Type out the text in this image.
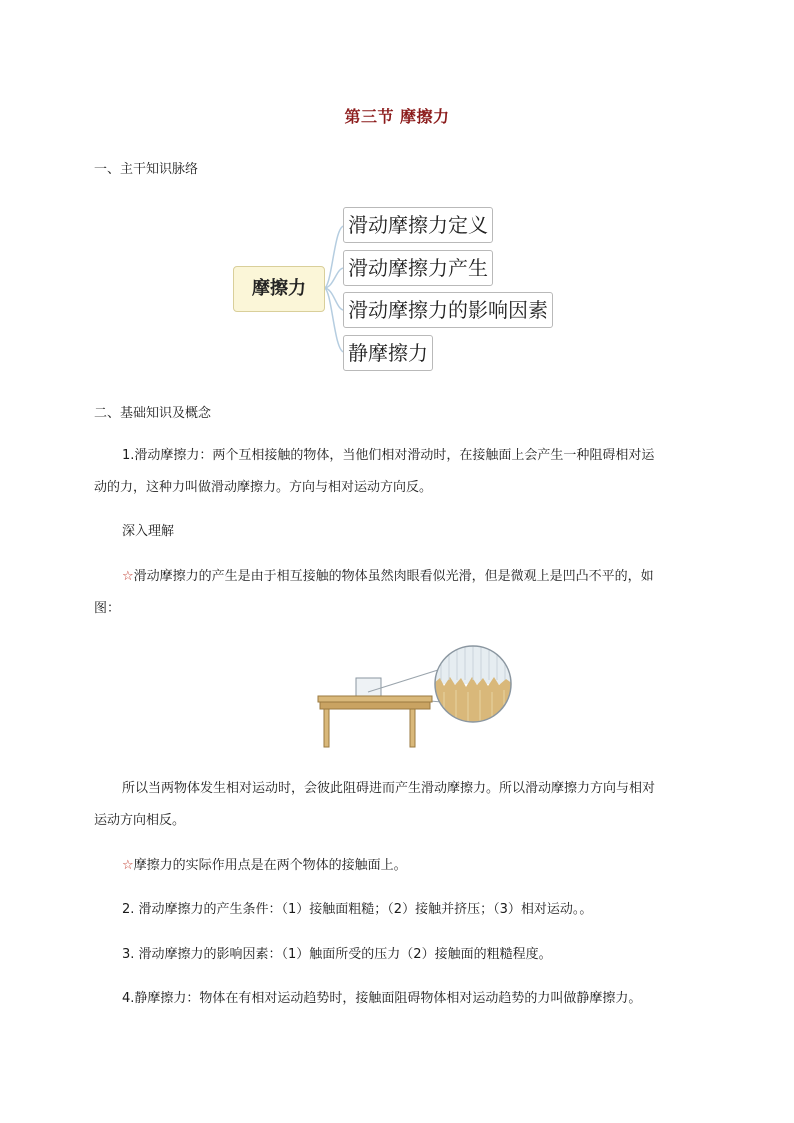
第三节 摩擦力
一、主干知识脉络
摩擦力
滑动摩擦力定义
滑动摩擦力产生
滑动摩擦力的影响因素
静摩擦力
二、基础知识及概念
1.滑动摩擦力：两个互相接触的物体，当他们相对滑动时，在接触面上会产生一种阻碍相对运
动的力，这种力叫做滑动摩擦力。方向与相对运动方向反。
深入理解
☆滑动摩擦力的产生是由于相互接触的物体虽然肉眼看似光滑，但是微观上是凹凸不平的，如
图：
所以当两物体发生相对运动时，会彼此阻碍进而产生滑动摩擦力。所以滑动摩擦力方向与相对
运动方向相反。
☆摩擦力的实际作用点是在两个物体的接触面上。
2. 滑动摩擦力的产生条件：（1）接触面粗糙；（2）接触并挤压；（3）相对运动。。
3. 滑动摩擦力的影响因素：（1）触面所受的压力（2）接触面的粗糙程度。
4.静摩擦力：物体在有相对运动趋势时，接触面阻碍物体相对运动趋势的力叫做静摩擦力。
